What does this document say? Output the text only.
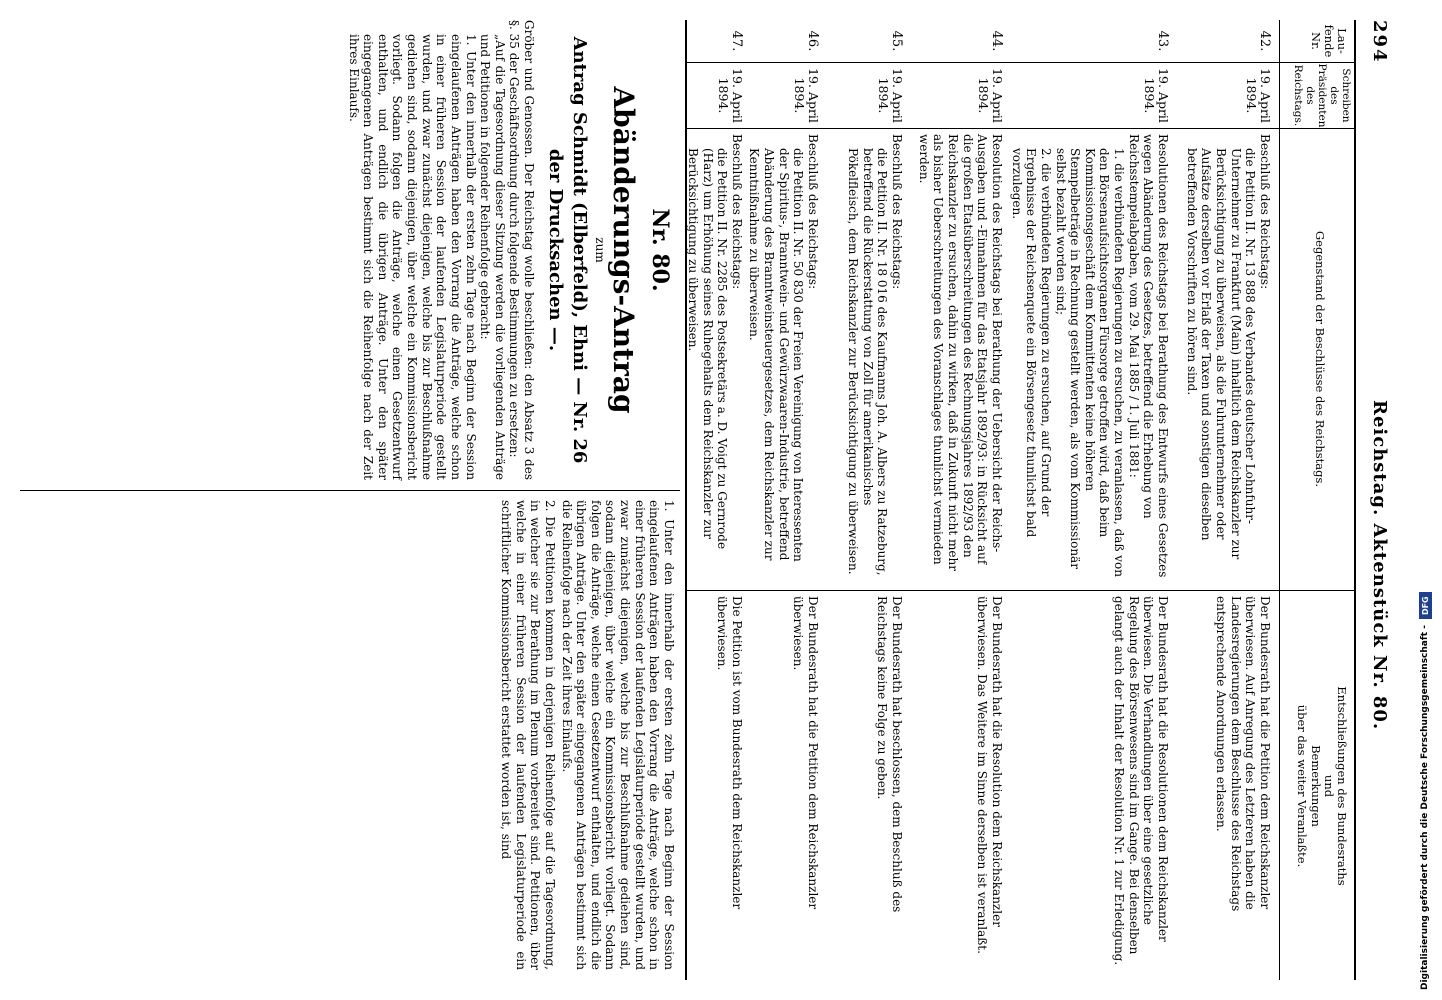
294
Reichstag. Aktenstück Nr. 80.
Lau-
fende
Nr.
Schreiben
des
Präsidenten
des
Reichstags.
Gegenstand der Beschlüsse des Reichstags.
Entschließungen des Bundesraths
und
Bemerkungen
über das weiter Veranlaßte.
42.
19. April
1894.

Beschluß des Reichstags:

die Petition II. Nr. 13 888 des Verbandes deutscher Lohnfuhr-Unternehmer zu Frankfurt (Main) inhaltlich dem Reichskanzler zur Berücksichtigung zu überweisen, als die Fuhrunternehmer oder Aufsätze derselben vor Erlaß der Taxen und sonstigen dieselben betreffenden Vorschriften zu hören sind.

Der Bundesrath hat die Petition dem Reichskanzler überwiesen. Auf Anregung des Letzteren haben die Landesregierungen dem Beschlusse des Reichstags entsprechende Anordnungen erlassen.
43.
19. April
1894.

Resolutionen des Reichstags bei Berathung des Entwurfs eines Gesetzes wegen Abänderung des Gesetzes, betreffend die Erhebung von Reichsstempelabgaben, vom 29. Mai 1885 / 1. Juli 1881:

1. die verbündeten Regierungen zu ersuchen, zu veranlassen, daß von den Börsenaufsichtsorganen Fürsorge getroffen wird, daß beim Kommissionsgeschäft dem Kommittenten keine höheren Stempelbeträge in Rechnung gestellt werden, als vom Kommissionär selbst bezahlt worden sind;

2. die verbündeten Regierungen zu ersuchen, auf Grund der Ergebnisse der Reichsenquete ein Börsengesetz thunlichst bald vorzulegen.

Der Bundesrath hat die Resolutionen dem Reichskanzler überwiesen. Die Verhandlungen über eine gesetzliche Regelung des Börsenwesens sind im Gange. Bei denselben gelangt auch der Inhalt der Resolution Nr. 1 zur Erledigung.
44.
19. April
1894.

Resolution des Reichstags bei Berathung der Uebersicht der Reichs-Ausgaben und -Einnahmen für das Etatsjahr 1892/93: in Rücksicht auf die großen Etatsüberschreitungen des Rechnungsjahres 1892/93 den Reichskanzler zu ersuchen, dahin zu wirken, daß in Zukunft nicht mehr als bisher Ueberschreitungen des Voranschlages thunlichst vermieden werden.

Der Bundesrath hat die Resolution dem Reichskanzler überwiesen. Das Weitere im Sinne derselben ist veranlaßt.
45.
19. April
1894.

Beschluß des Reichstags:

die Petition II. Nr. 18 016 des Kaufmanns Joh. A. Albers zu Ratzeburg, betreffend die Rückerstattung von Zoll für amerikanisches Pökelfleisch, dem Reichskanzler zur Berücksichtigung zu überweisen.

Der Bundesrath hat beschlossen, dem Beschluß des Reichstags keine Folge zu geben.
46.
19. April
1894.

Beschluß des Reichstags:

die Petition II. Nr. 50 830 der Freien Vereinigung von Interessenten der Spiritus-, Branntwein- und Gewürzwaaren-Industrie, betreffend Abänderung des Branntweinsteuergesetzes, dem Reichskanzler zur Kenntnißnahme zu überweisen.

Der Bundesrath hat die Petition dem Reichskanzler überwiesen.
47.
19. April
1894.

Beschluß des Reichstags:

die Petition II. Nr. 2285 des Postsekretärs a. D. Voigt zu Gernrode (Harz) um Erhöhung seines Ruhegehalts dem Reichskanzler zur Berücksichtigung zu überweisen.

Die Petition ist vom Bundesrath dem Reichskanzler überwiesen.
Nr. 80.
Abänderungs-Antrag
zum
Antrag Schmidt (Elberfeld), Ehni — Nr. 26 der Drucksachen —.

Gröber und Genossen. Der Reichstag wolle beschließen: den Absatz 3 des §. 35 der Geschäftsordnung durch folgende Bestimmungen zu ersetzen:

„Auf die Tagesordnung dieser Sitzung werden die vorliegenden Anträge und Petitionen in folgender Reihenfolge gebracht:

1. Unter den innerhalb der ersten zehn Tage nach Beginn der Session eingelaufenen Anträgen haben den Vorrang die Anträge, welche schon in einer früheren Session der laufenden Legislaturperiode gestellt wurden, und zwar zunächst diejenigen, welche bis zur Beschlußnahme gediehen sind, sodann diejenigen, über welche ein Kommissionsbericht vorliegt. Sodann folgen die Anträge, welche einen Gesetzentwurf enthalten, und endlich die übrigen Anträge. Unter den später eingegangenen Anträgen bestimmt sich die Reihenfolge nach der Zeit ihres Einlaufs.

1. Unter den innerhalb der ersten zehn Tage nach Beginn der Session eingelaufenen Anträgen haben den Vorrang die Anträge, welche schon in einer früheren Session der laufenden Legislaturperiode gestellt wurden, und zwar zunächst diejenigen, welche bis zur Beschlußnahme gediehen sind, sodann diejenigen, über welche ein Kommissionsbericht vorliegt. Sodann folgen die Anträge, welche einen Gesetzentwurf enthalten, und endlich die übrigen Anträge. Unter den später eingegangenen Anträgen bestimmt sich die Reihenfolge nach der Zeit ihres Einlaufs.

2. Die Petitionen kommen in derjenigen Reihenfolge auf die Tagesordnung, in welcher sie zur Berathung im Plenum vorbereitet sind. Petitionen, über welche in einer früheren Session der laufenden Legislaturperiode ein schriftlicher Kommissionsbericht erstattet worden ist, sind	Digitalisierung gefördert durch die Deutsche Forschungsgemeinschaft -
DFG
